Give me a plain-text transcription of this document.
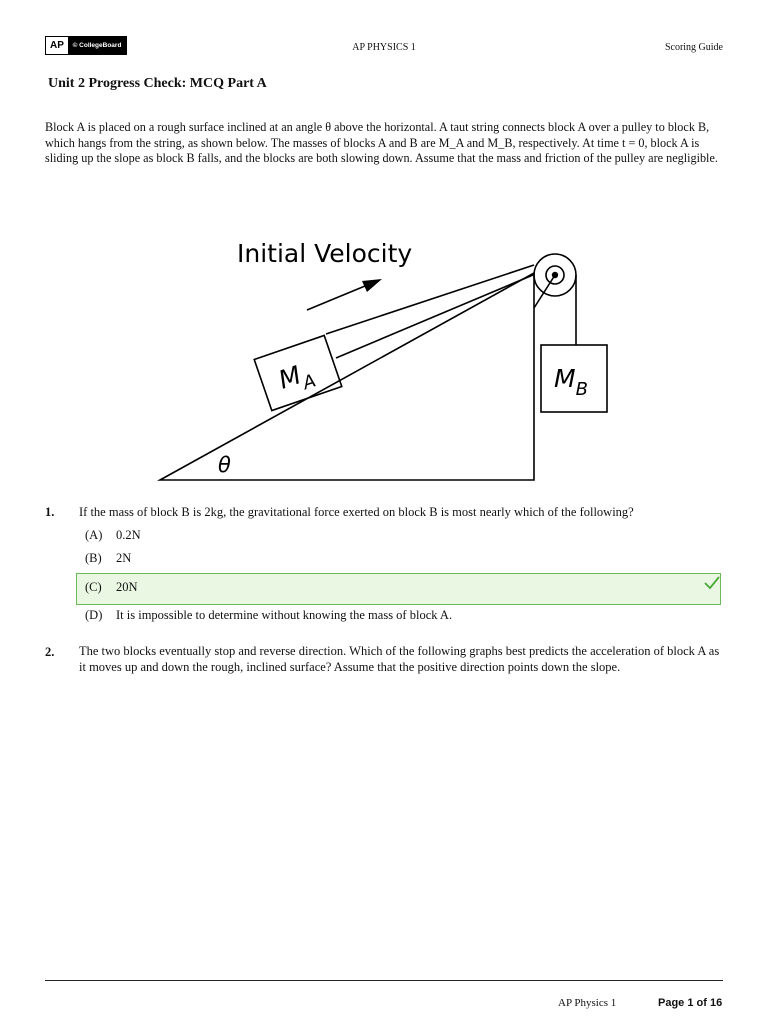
AP	© CollegeBoard	AP PHYSICS 1	Scoring Guide
Unit 2 Progress Check: MCQ Part A

Block A is placed on a rough surface inclined at an angle θ above the horizontal. A taut string connects block A over a pulley to block B, which hangs from the string, as shown below. The masses of blocks A and B are M_A and M_B, respectively. At time t = 0, block A is sliding up the slope as block B falls, and the blocks are both slowing down. Assume that the mass and friction of the pulley are negligible.

Initial Velocity
θ
$M_A$	$M_B$
1. If the mass of block B is 2kg, the gravitational force exerted on block B is most nearly which of the following?
(A) 0.2N
(B) 2N
(C) 20N
(D) It is impossible to determine without knowing the mass of block A.
2. The two blocks eventually stop and reverse direction. Which of the following graphs best predicts the acceleration of block A as it moves up and down the rough, inclined surface? Assume that the positive direction points down the slope.
AP Physics 1	Page 1 of 16
